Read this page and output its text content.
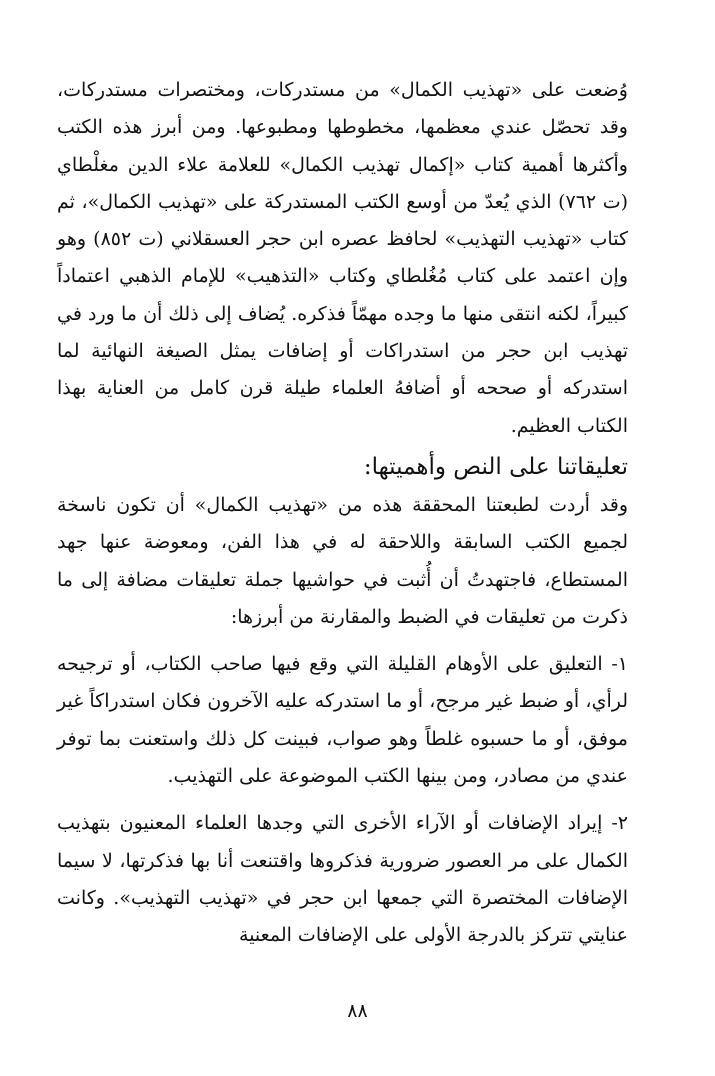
وُضعت على «تهذيب الكمال» من مستدركات، ومختصرات مستدركات، وقد تحصّل عندي معظمها، مخطوطها ومطبوعها. ومن أبرز هذه الكتب وأكثرها أهمية كتاب «إكمال تهذيب الكمال» للعلامة علاء الدين مغلْطاي (ت ٧٦٢) الذي يُعدّ من أوسع الكتب المستدركة على «تهذيب الكمال»، ثم كتاب «تهذيب التهذيب» لحافظ عصره ابن حجر العسقلاني (ت ٨٥٢) وهو وإن اعتمد على كتاب مُغُلطاي وكتاب «التذهيب» للإمام الذهبي اعتماداً كبيراً، لكنه انتقى منها ما وجده مهمّاً فذكره. يُضاف إلى ذلك أن ما ورد في تهذيب ابن حجر من استدراكات أو إضافات يمثل الصيغة النهائية لما استدركه أو صححه أو أضافهُ العلماء طيلة قرن كامل من العناية بهذا الكتاب العظيم.

تعليقاتنا على النص وأهميتها:

وقد أردت لطبعتنا المحققة هذه من «تهذيب الكمال» أن تكون ناسخة لجميع الكتب السابقة واللاحقة له في هذا الفن، ومعوضة عنها جهد المستطاع، فاجتهدتُ أن أُثبت في حواشيها جملة تعليقات مضافة إلى ما ذكرت من تعليقات في الضبط والمقارنة من أبرزها:

١- التعليق على الأوهام القليلة التي وقع فيها صاحب الكتاب، أو ترجيحه لرأي، أو ضبط غير مرجح، أو ما استدركه عليه الآخرون فكان استدراكاً غير موفق، أو ما حسبوه غلطاً وهو صواب، فبينت كل ذلك واستعنت بما توفر عندي من مصادر، ومن بينها الكتب الموضوعة على التهذيب.

٢- إيراد الإضافات أو الآراء الأخرى التي وجدها العلماء المعنيون بتهذيب الكمال على مر العصور ضرورية فذكروها واقتنعت أنا بها فذكرتها، لا سيما الإضافات المختصرة التي جمعها ابن حجر في «تهذيب التهذيب». وكانت عنايتي تتركز بالدرجة الأولى على الإضافات المعنية

٨٨
